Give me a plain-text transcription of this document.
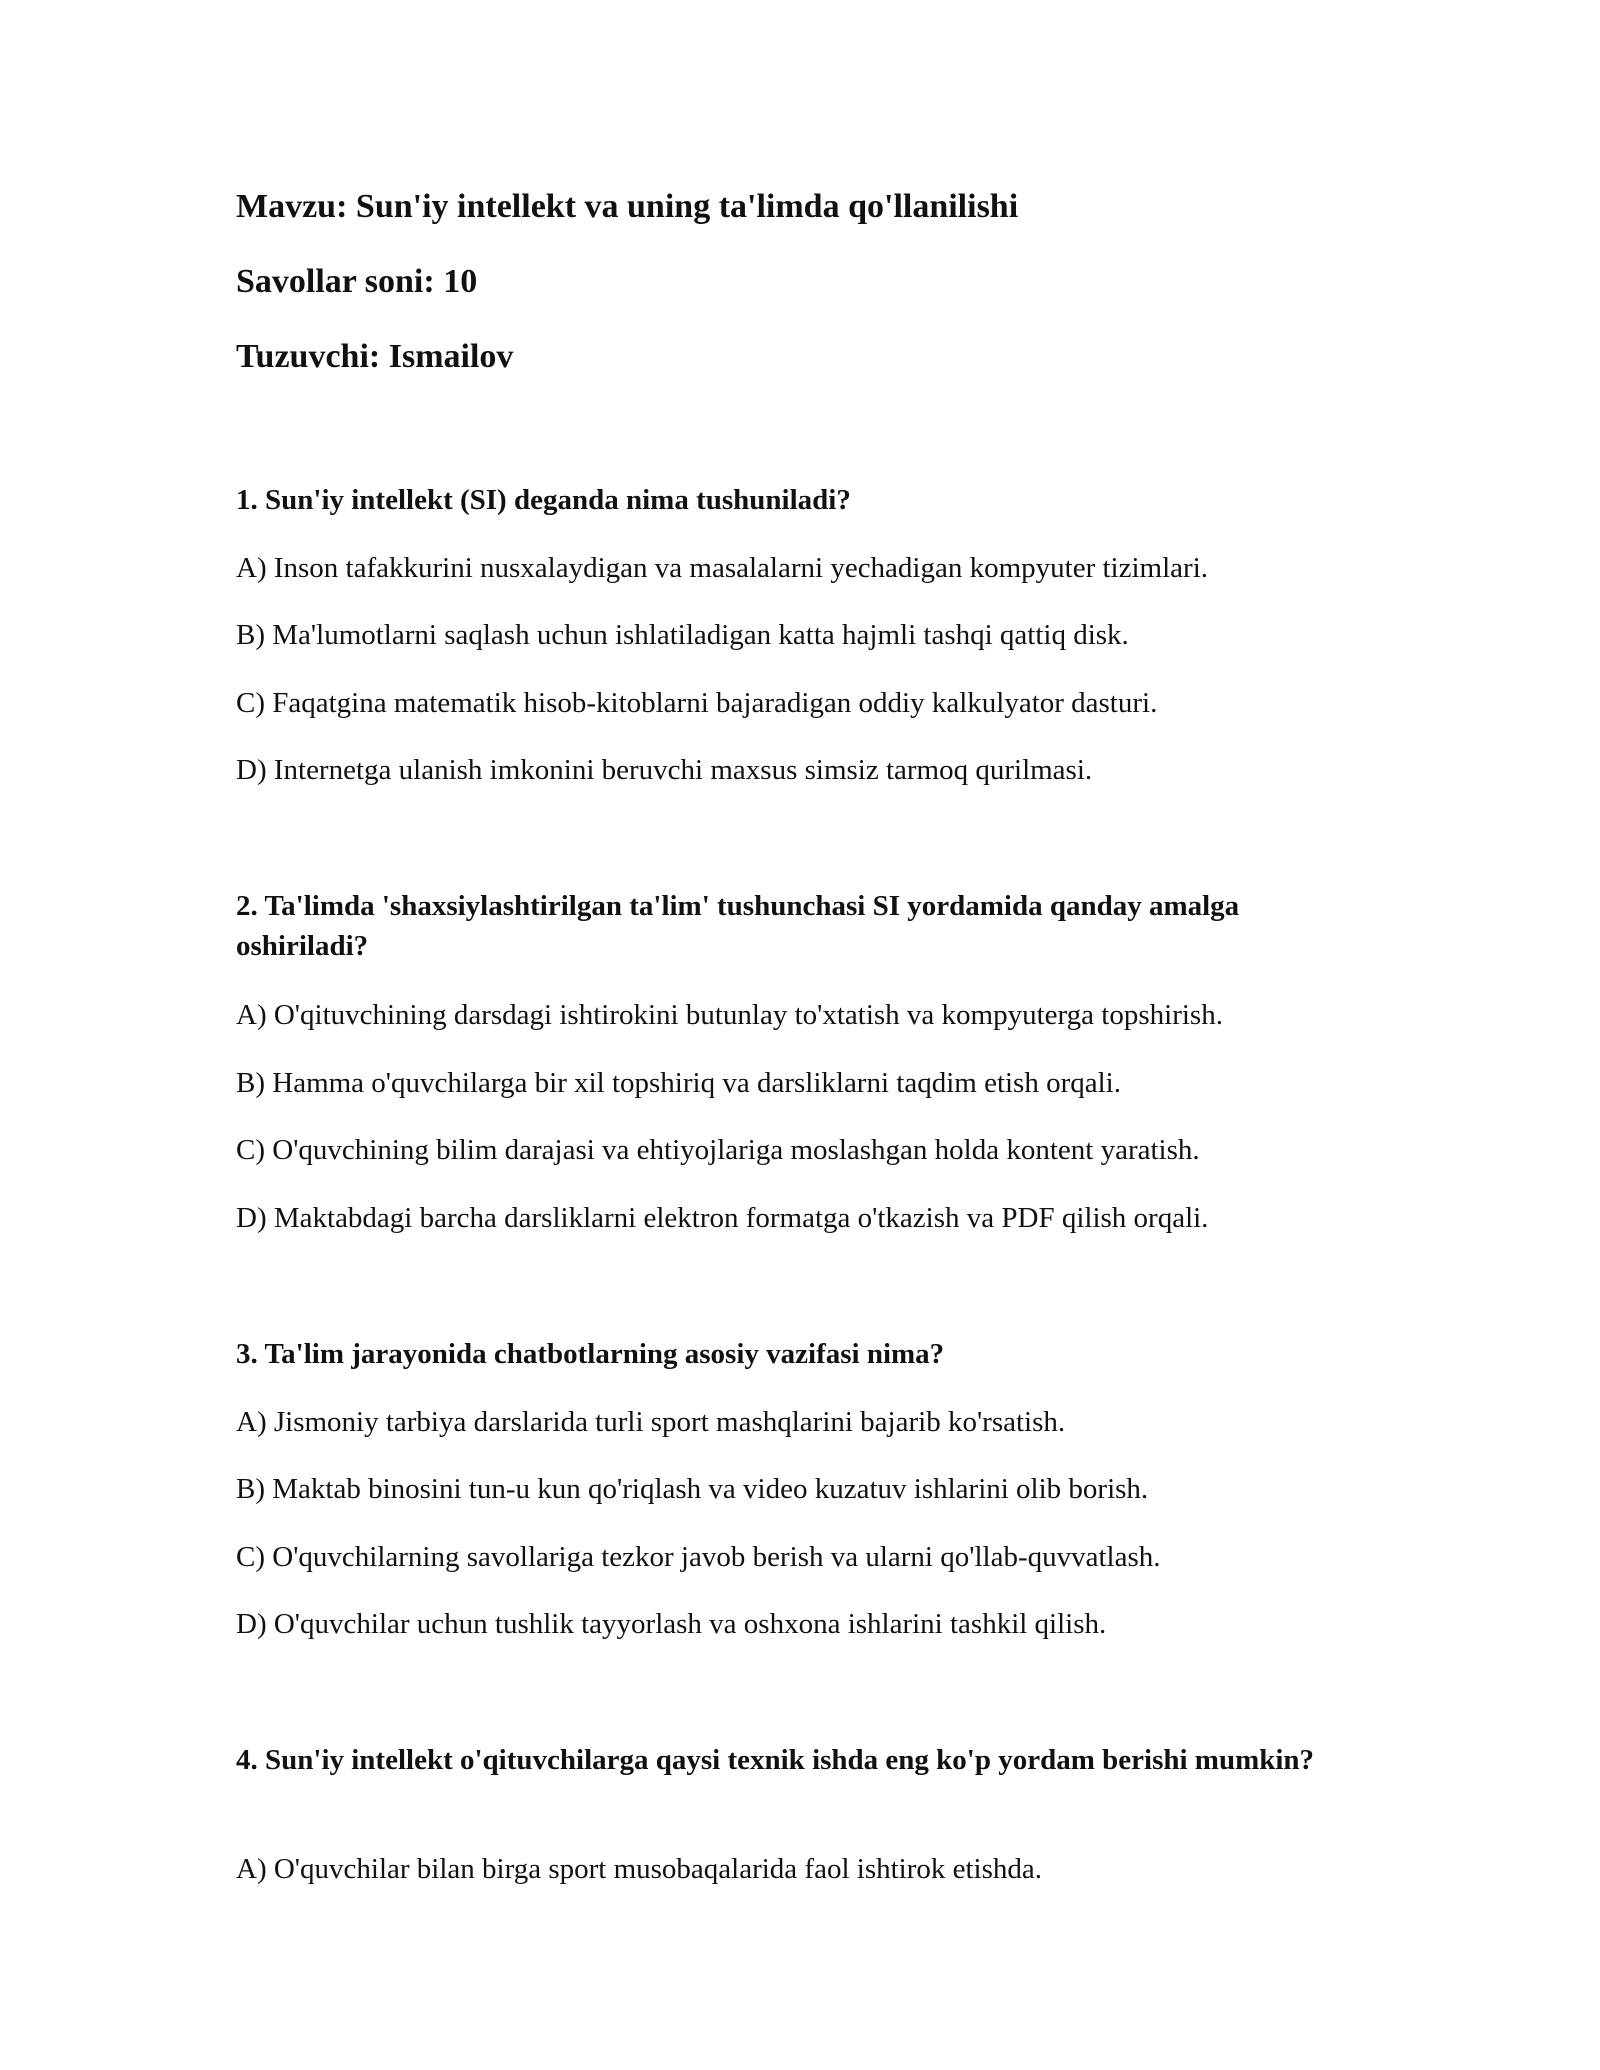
Mavzu: Sun'iy intellekt va uning ta'limda qo'llanilishi
Savollar soni: 10
Tuzuvchi: Ismailov
1. Sun'iy intellekt (SI) deganda nima tushuniladi?
A) Inson tafakkurini nusxalaydigan va masalalarni yechadigan kompyuter tizimlari.
B) Ma'lumotlarni saqlash uchun ishlatiladigan katta hajmli tashqi qattiq disk.
C) Faqatgina matematik hisob-kitoblarni bajaradigan oddiy kalkulyator dasturi.
D) Internetga ulanish imkonini beruvchi maxsus simsiz tarmoq qurilmasi.
2. Ta'limda 'shaxsiylashtirilgan ta'lim' tushunchasi SI yordamida qanday amalga oshiriladi?
A) O'qituvchining darsdagi ishtirokini butunlay to'xtatish va kompyuterga topshirish.
B) Hamma o'quvchilarga bir xil topshiriq va darsliklarni taqdim etish orqali.
C) O'quvchining bilim darajasi va ehtiyojlariga moslashgan holda kontent yaratish.
D) Maktabdagi barcha darsliklarni elektron formatga o'tkazish va PDF qilish orqali.
3. Ta'lim jarayonida chatbotlarning asosiy vazifasi nima?
A) Jismoniy tarbiya darslarida turli sport mashqlarini bajarib ko'rsatish.
B) Maktab binosini tun-u kun qo'riqlash va video kuzatuv ishlarini olib borish.
C) O'quvchilarning savollariga tezkor javob berish va ularni qo'llab-quvvatlash.
D) O'quvchilar uchun tushlik tayyorlash va oshxona ishlarini tashkil qilish.
4. Sun'iy intellekt o'qituvchilarga qaysi texnik ishda eng ko'p yordam berishi mumkin?
A) O'quvchilar bilan birga sport musobaqalarida faol ishtirok etishda.
